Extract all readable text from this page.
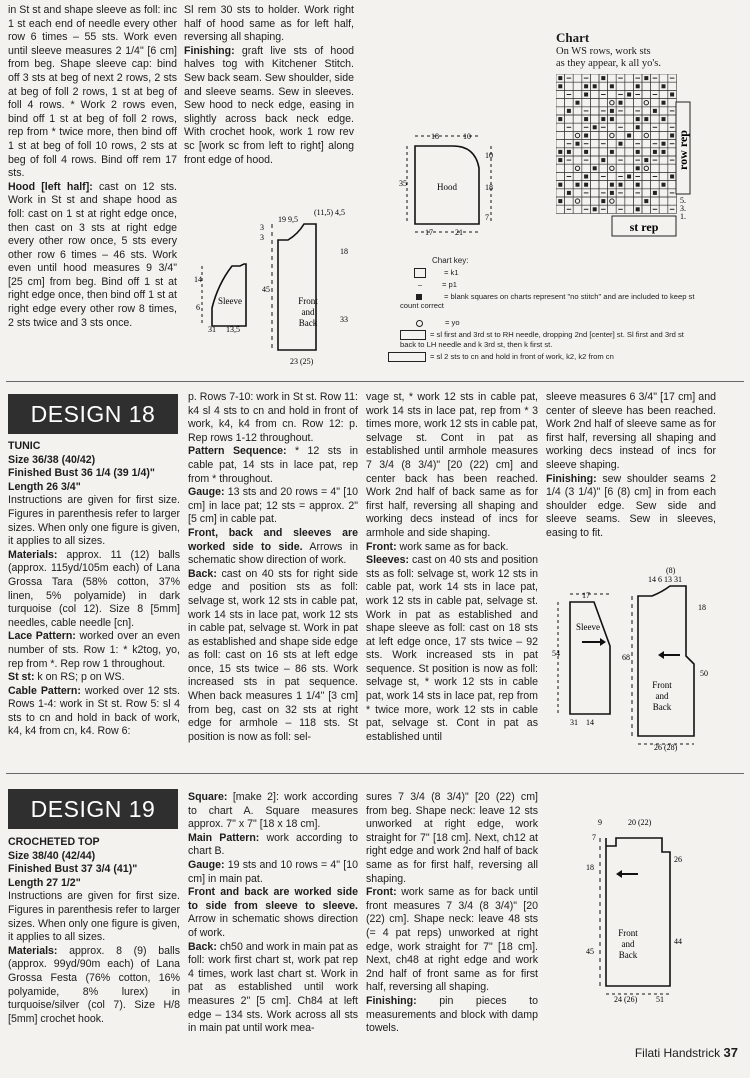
in St st and shape sleeve as foll: inc 1 st each end of needle every other row 6 times – 55 sts. Work even until sleeve measures 2 1/4" [6 cm] from beg. Shape sleeve cap: bind off 3 sts at beg of next 2 rows, 2 sts at beg of foll 2 rows, 1 st at beg of foll 4 rows. * Work 2 rows even, bind off 1 st at beg of foll 2 rows, rep from * twice more, then bind off 1 st at beg of foll 10 rows, 2 sts at beg of foll 4 rows. Bind off rem 17 sts.

Hood [left half]: cast on 12 sts. Work in St st and shape hood as foll: cast on 1 st at right edge once, then cast on 3 sts at right edge every other row once, 5 sts every other row 6 times – 46 sts. Work even until hood measures 9 3/4" [25 cm] from beg. Bind off 1 st at right edge once, then bind off 1 st at right edge every other row 8 times, 2 sts twice and 3 sts once.

Sl rem 30 sts to holder. Work right half of hood same as for left half, reversing all shaping.

Finishing: graft live sts of hood halves tog with Kitchener Stitch. Sew back seam. Sew shoulder, side and sleeve seams. Sew in sleeves. Sew hood to neck edge, easing in slightly across back neck edge. With crochet hook, work 1 row rev sc [work sc from left to right] along front edge of hood.

Chart
On WS rows, work sts
as they appear, k all yo's.
row rep
st rep
5.
3.
1.
Hood
18	10
35
10
18
7
17	21
Chart key:
= k1
–	= p1
= blank squares on charts represent "no stitch" and are included to keep st count correct
= yo
= sl first and 3rd st to RH needle, dropping 2nd [center] st. Sl first and 3rd st back to LH needle and k 3rd st, then k first st.
= sl 2 sts to cn and hold in front of work, k2, k2 from cn
Sleeve	Front
and
Back
(11,5) 4,5
19 9,5
3
3
14
6
45
18
33
31 13,5
23 (25)
DESIGN 18
TUNIC
Size 36/38 (40/42)
Finished Bust 36 1/4 (39 1/4)"
Length 26 3/4"

Instructions are given for first size. Figures in parenthesis refer to larger sizes. When only one figure is given, it applies to all sizes.

Materials: approx. 11 (12) balls (approx. 115yd/105m each) of Lana Grossa Tara (58% cotton, 37% linen, 5% polyamide) in dark turquoise (col 12). Size 8 [5mm] needles, cable needle [cn].

Lace Pattern: worked over an even number of sts. Row 1: * k2tog, yo, rep from *. Rep row 1 throughout.

St st: k on RS; p on WS.

Cable Pattern: worked over 12 sts. Rows 1-4: work in St st. Row 5: sl 4 sts to cn and hold in back of work, k4, k4 from cn, k4. Row 6:

p. Rows 7-10: work in St st. Row 11: k4 sl 4 sts to cn and hold in front of work, k4, k4 from cn. Row 12: p. Rep rows 1-12 throughout.

Pattern Sequence: * 12 sts in cable pat, 14 sts in lace pat, rep from * throughout.

Gauge: 13 sts and 20 rows = 4" [10 cm] in lace pat; 12 sts = approx. 2" [5 cm] in cable pat.

Front, back and sleeves are worked side to side. Arrows in schematic show direction of work.

Back: cast on 40 sts for right side edge and position sts as foll: selvage st, work 12 sts in cable pat, work 14 sts in lace pat, work 12 sts in cable pat, selvage st. Work in pat as established and shape side edge as foll: cast on 16 sts at left edge once, 15 sts twice – 86 sts. Work increased sts in pat sequence. When back measures 1 1/4" [3 cm] from beg, cast on 32 sts at right edge for armhole – 118 sts. St position is now as foll: sel-

vage st, * work 12 sts in cable pat, work 14 sts in lace pat, rep from * 3 times more, work 12 sts in cable pat, selvage st. Cont in pat as established until armhole measures 7 3/4 (8 3/4)" [20 (22) cm] and center back has been reached. Work 2nd half of back same as for first half, reversing all shaping and working decs instead of incs for armhole and side shaping.

Front: work same as for back.

Sleeves: cast on 40 sts and position sts as foll: selvage st, work 12 sts in cable pat, work 14 sts in lace pat, work 12 sts in cable pat, selvage st. Work in pat as established and shape sleeve as foll: cast on 18 sts at left edge once, 17 sts twice – 92 sts. Work increased sts in pat sequence. St position is now as foll: selvage st, * work 12 sts in cable pat, work 14 sts in lace pat, rep from * twice more, work 12 sts in cable pat, selvage st. Cont in pat as established until

sleeve measures 6 3/4" [17 cm] and center of sleeve has been reached. Work 2nd half of sleeve same as for first half, reversing all shaping and working decs instead of incs for sleeve shaping.

Finishing: sew shoulder seams 2 1/4 (3 1/4)" [6 (8) cm] in from each shoulder edge. Sew side and sleeve seams. Sew in sleeves, easing to fit.

Sleeve
17
54
31 14
(8)
14 6 13 31
18
68
50
Front
and
Back
26 (28)
DESIGN 19
CROCHETED TOP
Size 38/40 (42/44)
Finished Bust 37 3/4 (41)"
Length 27 1/2"

Instructions are given for first size. Figures in parenthesis refer to larger sizes. When only one figure is given, it applies to all sizes.

Materials: approx. 8 (9) balls (approx. 99yd/90m each) of Lana Grossa Festa (76% cotton, 16% polyamide, 8% lurex) in turquoise/silver (col 7). Size H/8 [5mm] crochet hook.

Square: [make 2]: work according to chart A. Square measures approx. 7" x 7" [18 x 18 cm].

Main Pattern: work according to chart B.

Gauge: 19 sts and 10 rows = 4" [10 cm] in main pat.

Front and back are worked side to side from sleeve to sleeve. Arrow in schematic shows direction of work.

Back: ch50 and work in main pat as foll: work first chart st, work pat rep 4 times, work last chart st. Work in pat as established until work measures 2" [5 cm]. Ch84 at left edge – 134 sts. Work across all sts in main pat until work mea-

sures 7 3/4 (8 3/4)" [20 (22) cm] from beg. Shape neck: leave 12 sts unworked at right edge, work straight for 7" [18 cm]. Next, ch12 at right edge and work 2nd half of back same as for first half, reversing all shaping.

Front: work same as for back until front measures 7 3/4 (8 3/4)" [20 (22) cm]. Shape neck: leave 48 sts (= 4 pat reps) unworked at right edge, work straight for 7" [18 cm]. Next, ch48 at right edge and work 2nd half of front same as for first half, reversing all shaping.

Finishing: pin pieces to measurements and block with damp towels.

9	20 (22)
7
18
26
45
44
Front
and
Back
24 (26) 51
Filati Handstrick 37
